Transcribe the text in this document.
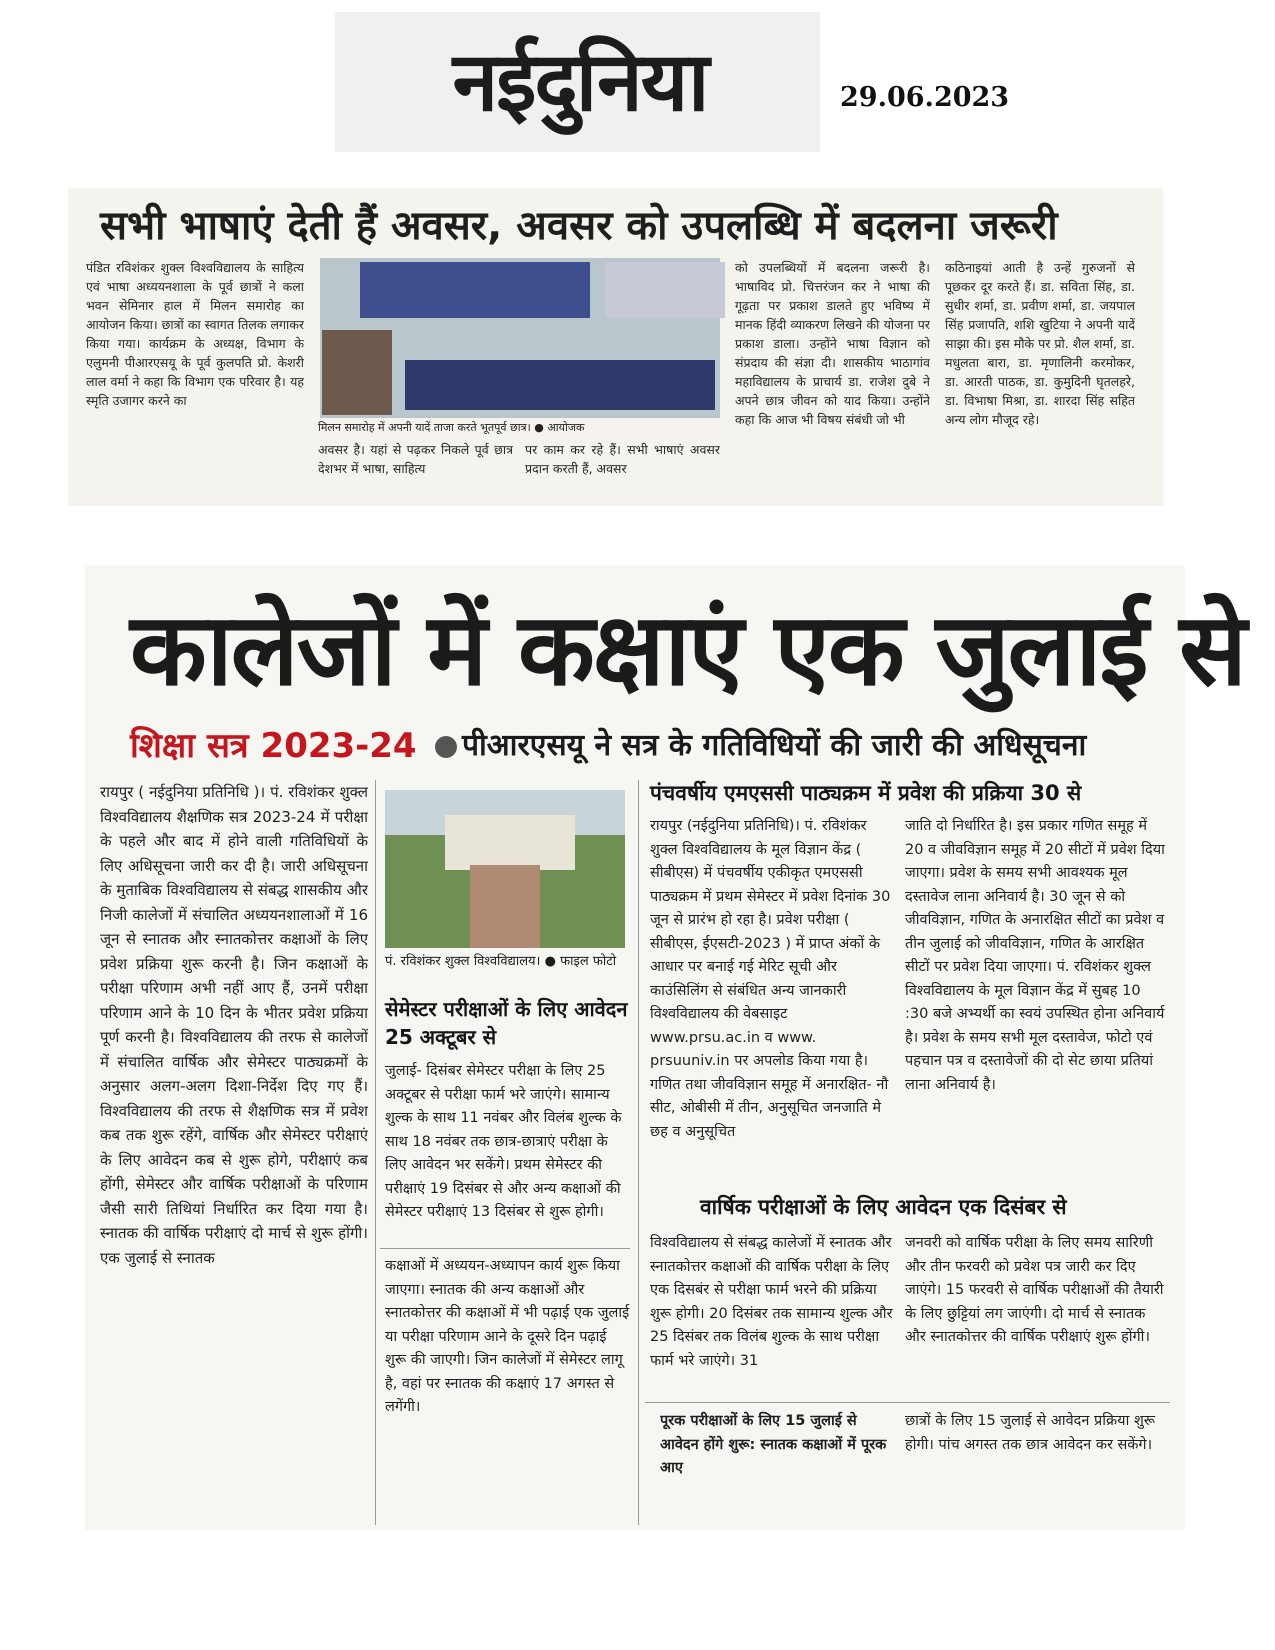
नईदुनिया	29.06.2023
सभी भाषाएं देती हैं अवसर, अवसर को उपलब्धि में बदलना जरूरी
पंडित रविशंकर शुक्ल विश्वविद्यालय के साहित्य एवं भाषा अध्ययनशाला के पूर्व छात्रों ने कला भवन सेमिनार हाल में मिलन समारोह का आयोजन किया। छात्रों का स्वागत तिलक लगाकर किया गया। कार्यक्रम के अध्यक्ष, विभाग के एलुमनी पीआरएसयू के पूर्व कुलपति प्रो. केशरी लाल वर्मा ने कहा कि विभाग एक परिवार है। यह स्मृति उजागर करने का
मिलन समारोह में अपनी यादें ताजा करते भूतपूर्व छात्र। ● आयोजक
अवसर है। यहां से पढ़कर निकले पूर्व छात्र देशभर में भाषा, साहित्य
पर काम कर रहे हैं। सभी भाषाएं अवसर प्रदान करती हैं, अवसर
को उपलब्धियों में बदलना जरूरी है। भाषाविद प्रो. चित्तरंजन कर ने भाषा की गूढ़ता पर प्रकाश डालते हुए भविष्य में मानक हिंदी व्याकरण लिखने की योजना पर प्रकाश डाला। उन्होंने भाषा विज्ञान को संप्रदाय की संज्ञा दी। शासकीय भाठागांव महाविद्यालय के प्राचार्य डा. राजेश दुबे ने अपने छात्र जीवन को याद किया। उन्होंने कहा कि आज भी विषय संबंधी जो भी
कठिनाइयां आती है उन्हें गुरुजनों से पूछकर दूर करते हैं। डा. सविता सिंह, डा. सुधीर शर्मा, डा. प्रवीण शर्मा, डा. जयपाल सिंह प्रजापति, शशि खुटिया ने अपनी यादें साझा की। इस मौके पर प्रो. शैल शर्मा, डा. मधुलता बारा, डा. मृणालिनी करमोकर, डा. आरती पाठक, डा. कुमुदिनी घृतलहरे, डा. विभाषा मिश्रा, डा. शारदा सिंह सहित अन्य लोग मौजूद रहे।
कालेजों में कक्षाएं एक जुलाई से
शिक्षा सत्र 2023-24	पीआरएसयू ने सत्र के गतिविधियों की जारी की अधिसूचना
रायपुर ( नईदुनिया प्रतिनिधि )। पं. रविशंकर शुक्ल विश्वविद्यालय शैक्षणिक सत्र 2023-24 में परीक्षा के पहले और बाद में होने वाली गतिविधियों के लिए अधिसूचना जारी कर दी है। जारी अधिसूचना के मुताबिक विश्वविद्यालय से संबद्ध शासकीय और निजी कालेजों में संचालित अध्ययनशालाओं में 16 जून से स्नातक और स्नातकोत्तर कक्षाओं के लिए प्रवेश प्रक्रिया शुरू करनी है। जिन कक्षाओं के परीक्षा परिणाम अभी नहीं आए हैं, उनमें परीक्षा परिणाम आने के 10 दिन के भीतर प्रवेश प्रक्रिया पूर्ण करनी है। विश्वविद्यालय की तरफ से कालेजों में संचालित वार्षिक और सेमेस्टर पाठ्यक्रमों के अनुसार अलग-अलग दिशा-निर्देश दिए गए हैं। विश्वविद्यालय की तरफ से शैक्षणिक सत्र में प्रवेश कब तक शुरू रहेंगे, वार्षिक और सेमेस्टर परीक्षाएं के लिए आवेदन कब से शुरू होगे, परीक्षाएं कब होंगी, सेमेस्टर और वार्षिक परीक्षाओं के परिणाम जैसी सारी तिथियां निर्धारित कर दिया गया है। स्नातक की वार्षिक परीक्षाएं दो मार्च से शुरू होंगी। एक जुलाई से स्नातक
पं. रविशंकर शुक्ल विश्वविद्यालय। ● फाइल फोटो
सेमेस्टर परीक्षाओं के लिए आवेदन 25 अक्टूबर से
जुलाई- दिसंबर सेमेस्टर परीक्षा के लिए 25 अक्टूबर से परीक्षा फार्म भरे जाएंगे। सामान्य शुल्क के साथ 11 नवंबर और विलंब शुल्क के साथ 18 नवंबर तक छात्र-छात्राएं परीक्षा के लिए आवेदन भर सकेंगे। प्रथम सेमेस्टर की परीक्षाएं 19 दिसंबर से और अन्य कक्षाओं की सेमेस्टर परीक्षाएं 13 दिसंबर से शुरू होगी।
कक्षाओं में अध्ययन-अध्यापन कार्य शुरू किया जाएगा। स्नातक की अन्य कक्षाओं और स्नातकोत्तर की कक्षाओं में भी पढ़ाई एक जुलाई या परीक्षा परिणाम आने के दूसरे दिन पढ़ाई शुरू की जाएगी। जिन कालेजों में सेमेस्टर लागू है, वहां पर स्नातक की कक्षाएं 17 अगस्त से लगेंगी।
पंचवर्षीय एमएससी पाठ्यक्रम में प्रवेश की प्रक्रिया 30 से
रायपुर (नईदुनिया प्रतिनिधि)। पं. रविशंकर शुक्ल विश्वविद्यालय के मूल विज्ञान केंद्र ( सीबीएस) में पंचवर्षीय एकीकृत एमएससी पाठ्यक्रम में प्रथम सेमेस्टर में प्रवेश दिनांक 30 जून से प्रारंभ हो रहा है। प्रवेश परीक्षा ( सीबीएस, ईएसटी-2023 ) में प्राप्त अंकों के आधार पर बनाई गई मेरिट सूची और काउंसिलिंग से संबंधित अन्य जानकारी विश्वविद्यालय की वेबसाइट www.prsu.ac.in व www. prsuuniv.in पर अपलोड किया गया है। गणित तथा जीवविज्ञान समूह में अनारक्षित- नौ सीट, ओबीसी में तीन, अनुसूचित जनजाति मे छह व अनुसूचित
जाति दो निर्धारित है। इस प्रकार गणित समूह में 20 व जीवविज्ञान समूह में 20 सीटों में प्रवेश दिया जाएगा। प्रवेश के समय सभी आवश्यक मूल दस्तावेज लाना अनिवार्य है। 30 जून से को जीवविज्ञान, गणित के अनारक्षित सीटों का प्रवेश व तीन जुलाई को जीवविज्ञान, गणित के आरक्षित सीटों पर प्रवेश दिया जाएगा। पं. रविशंकर शुक्ल विश्वविद्यालय के मूल विज्ञान केंद्र में सुबह 10 :30 बजे अभ्यर्थी का स्वयं उपस्थित होना अनिवार्य है। प्रवेश के समय सभी मूल दस्तावेज, फोटो एवं पहचान पत्र व दस्तावेजों की दो सेट छाया प्रतियां लाना अनिवार्य है।
वार्षिक परीक्षाओं के लिए आवेदन एक दिसंबर से
विश्वविद्यालय से संबद्ध कालेजों में स्नातक और स्नातकोत्तर कक्षाओं की वार्षिक परीक्षा के लिए एक दिसबंर से परीक्षा फार्म भरने की प्रक्रिया शुरू होगी। 20 दिसंबर तक सामान्य शुल्क और 25 दिसंबर तक विलंब शुल्क के साथ परीक्षा फार्म भरे जाएंगे। 31
जनवरी को वार्षिक परीक्षा के लिए समय सारिणी और तीन फरवरी को प्रवेश पत्र जारी कर दिए जाएंगे। 15 फरवरी से वार्षिक परीक्षाओं की तैयारी के लिए छुट्टियां लग जाएंगी। दो मार्च से स्नातक और स्नातकोत्तर की वार्षिक परीक्षाएं शुरू होंगी।
पूरक परीक्षाओं के लिए 15 जुलाई से आवेदन होंगे शुरू: स्नातक कक्षाओं में पूरक आए
छात्रों के लिए 15 जुलाई से आवेदन प्रक्रिया शुरू होगी। पांच अगस्त तक छात्र आवेदन कर सकेंगे।
